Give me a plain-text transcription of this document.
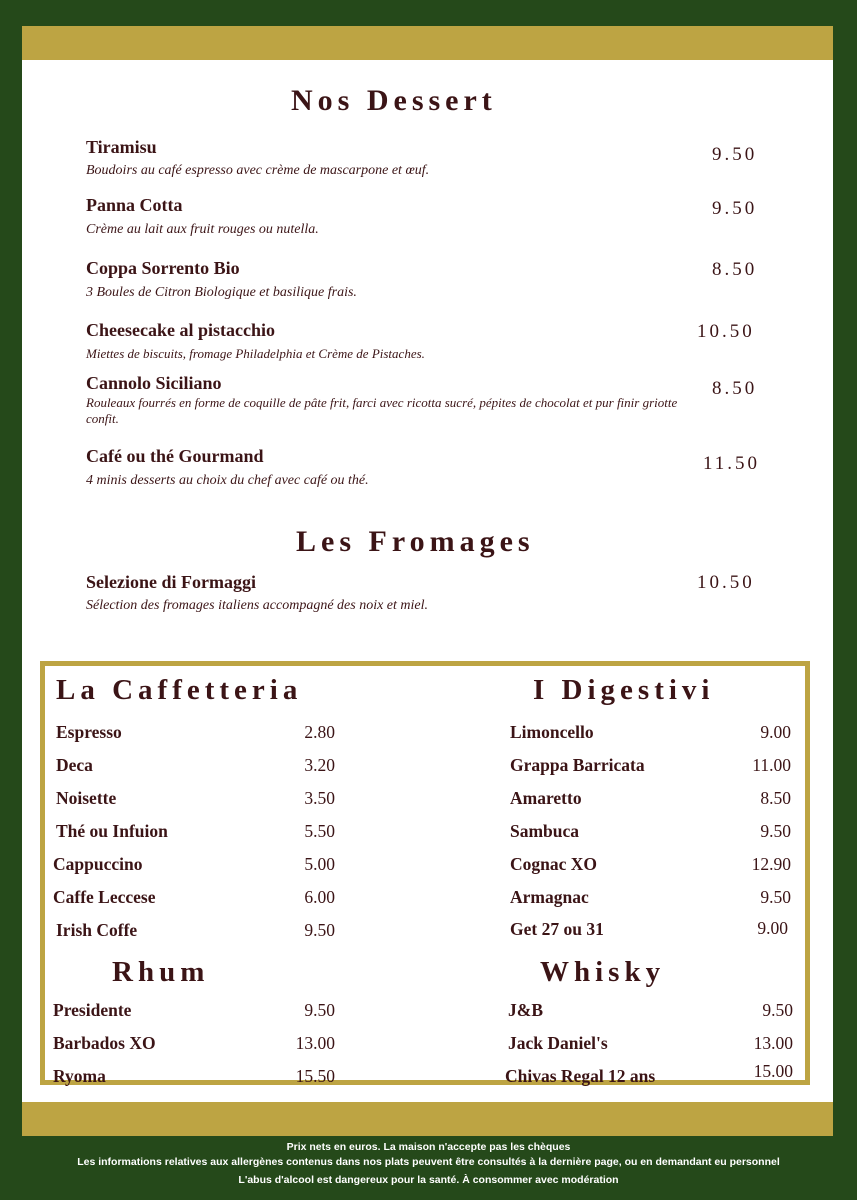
Nos Dessert
Tiramisu
Boudoirs au café espresso avec crème de mascarpone et œuf.
9.50
Panna Cotta
Crème au lait aux fruit rouges ou nutella.
9.50
Coppa Sorrento Bio
3 Boules de Citron Biologique et basilique frais.
8.50
Cheesecake al pistacchio
Miettes de biscuits, fromage Philadelphia et Crème de Pistaches.
10.50
Cannolo Siciliano
Rouleaux fourrés en forme de coquille de pâte frit, farci avec ricotta sucré, pépites de chocolat et pur finir griotte confit.
8.50
Café ou thé Gourmand
4 minis desserts au choix du chef avec café ou thé.
11.50
Les Fromages
Selezione di Formaggi
Sélection des fromages italiens accompagné des noix et miel.
10.50
La Caffetteria	I Digestivi
Espresso	2.80
Deca	3.20
Noisette	3.50
Thé ou Infuion	5.50
Cappuccino	5.00
Caffe Leccese	6.00
Irish Coffe	9.50
Limoncello	9.00
Grappa Barricata	11.00
Amaretto	8.50
Sambuca	9.50
Cognac XO	12.90
Armagnac	9.50
Get 27 ou 31	9.00
Rhum	Whisky
Presidente	9.50
Barbados XO	13.00
Ryoma	15.50
J&B	9.50
Jack Daniel's	13.00
Chivas Regal 12 ans	15.00
Prix nets en euros. La maison n'accepte pas les chèques
Les informations relatives aux allergènes contenus dans nos plats peuvent être consultés à la dernière page, ou en demandant eu personnel
L'abus d'alcool est dangereux pour la santé. À consommer avec modération
